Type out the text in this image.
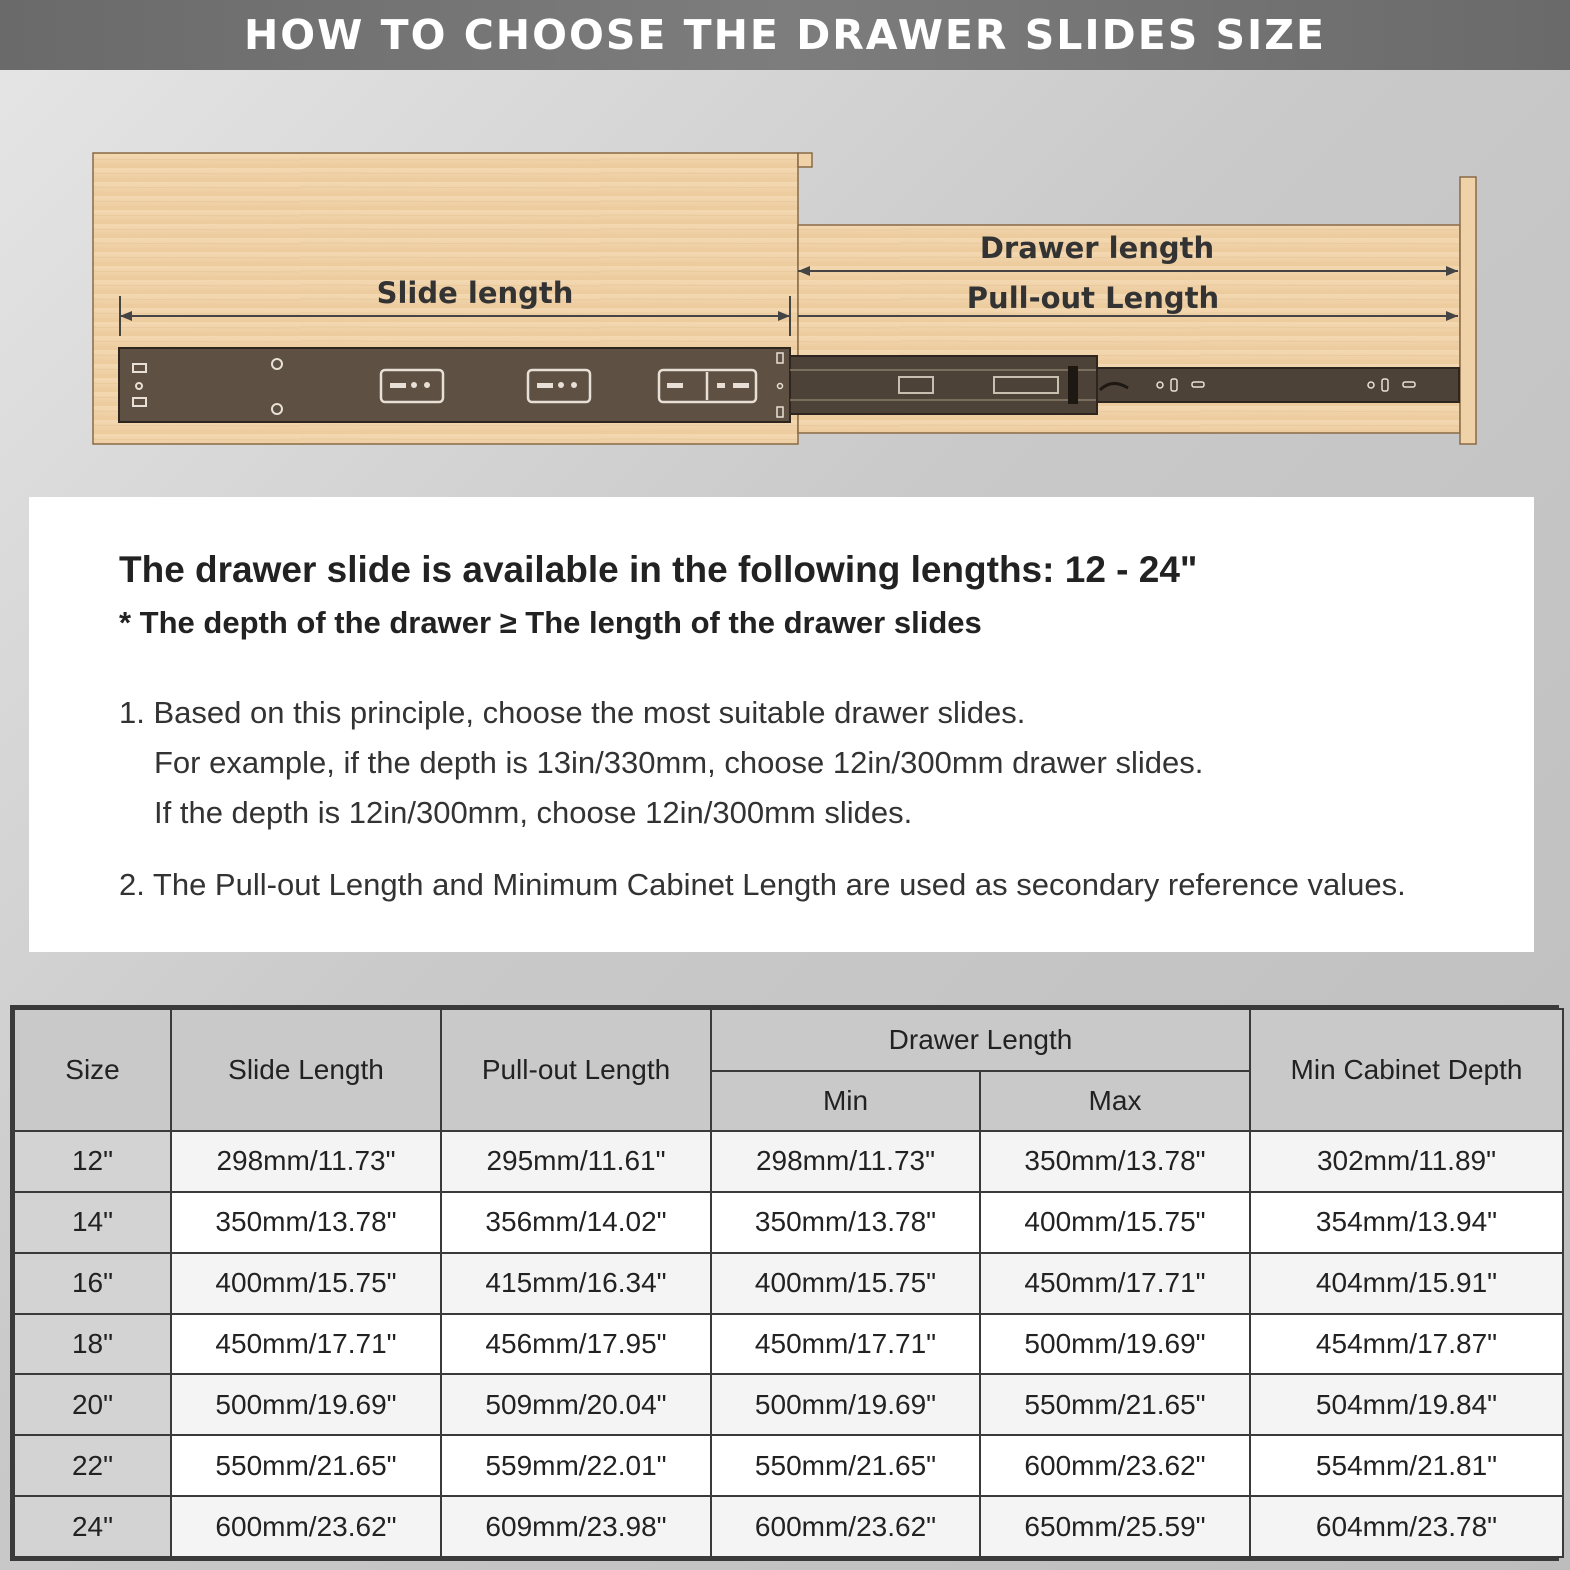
HOW TO CHOOSE THE DRAWER SLIDES SIZE
Slide length
Drawer length
Pull-out Length
The drawer slide is available in the following lengths: 12 - 24"
* The depth of the drawer ≥ The length of the drawer slides
1. Based on this principle, choose the most suitable drawer slides.
For example, if the depth is 13in/330mm, choose 12in/300mm drawer slides.
If the depth is 12in/300mm, choose 12in/300mm slides.
2. The Pull-out Length and Minimum Cabinet Length are used as secondary reference values.
Size	Slide Length	Pull-out Length	Drawer Length		Min Cabinet Depth
			Min	Max	
12"	298mm/11.73"	295mm/11.61"	298mm/11.73"	350mm/13.78"	302mm/11.89"
14"	350mm/13.78"	356mm/14.02"	350mm/13.78"	400mm/15.75"	354mm/13.94"
16"	400mm/15.75"	415mm/16.34"	400mm/15.75"	450mm/17.71"	404mm/15.91"
18"	450mm/17.71"	456mm/17.95"	450mm/17.71"	500mm/19.69"	454mm/17.87"
20"	500mm/19.69"	509mm/20.04"	500mm/19.69"	550mm/21.65"	504mm/19.84"
22"	550mm/21.65"	559mm/22.01"	550mm/21.65"	600mm/23.62"	554mm/21.81"
24"	600mm/23.62"	609mm/23.98"	600mm/23.62"	650mm/25.59"	604mm/23.78"
